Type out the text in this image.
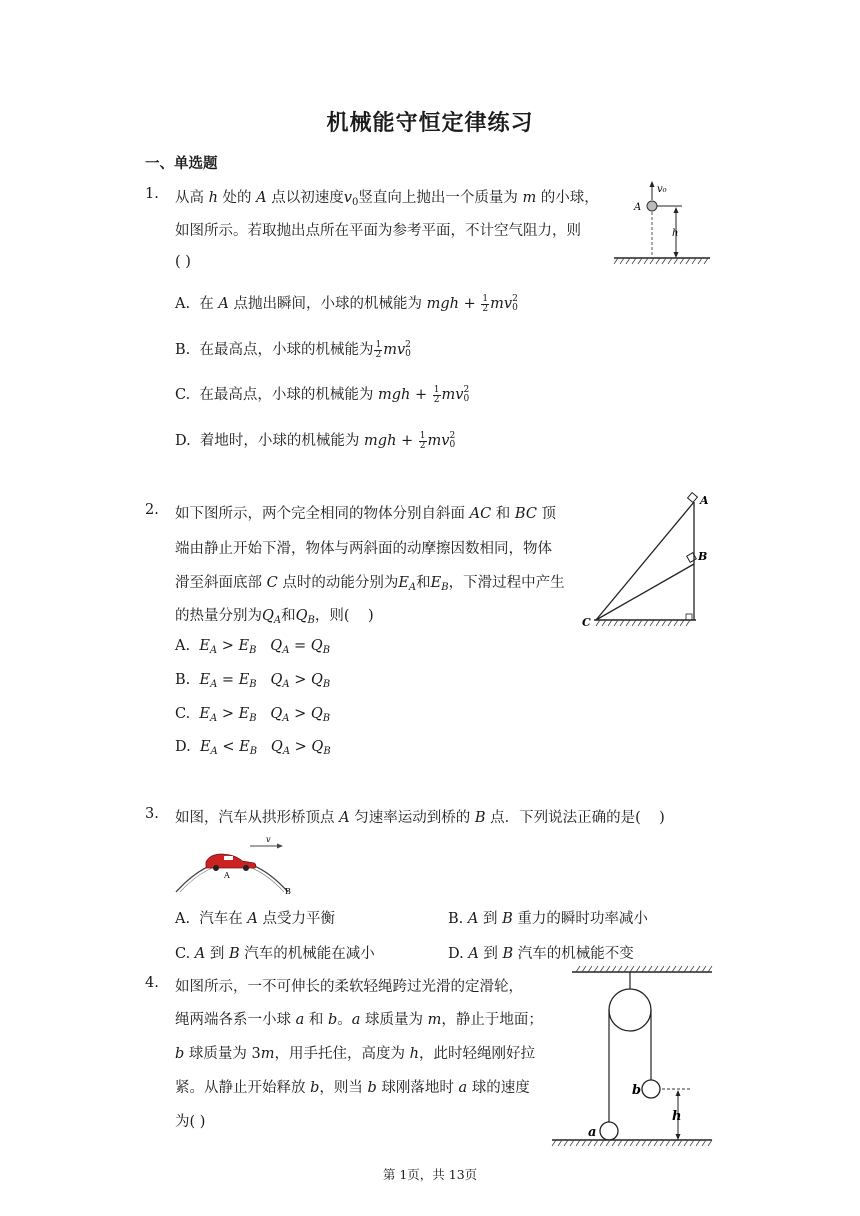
机械能守恒定律练习
一、单选题
1. 从高 h 处的 A 点以初速度$v_0$竖直向上抛出一个质量为 m 的小球，
如图所示。若取抛出点所在平面为参考平面，不计空气阻力，则
( )
A.  在 A 点抛出瞬间，小球的机械能为 mgh + $\frac{1}{2}$ mv 2
0
B.  在最高点，小球的机械能为 $\frac{1}{2}$ mv 2
0
C.  在最高点，小球的机械能为 mgh + $\frac{1}{2}$ mv 2
0
D.  着地时，小球的机械能为 mgh + $\frac{1}{2}$ mv 2
0
v₀
A
h
2. 如下图所示，两个完全相同的物体分别自斜面 AC 和 BC 顶
端由静止开始下滑，物体与两斜面的动摩擦因数相同，物体
滑至斜面底部 C 点时的动能分别为$E_A$和$E_B$，下滑过程中产生
的热量分别为$Q_A$和$Q_B$，则(    )
A.  $E_A > E_B$ $Q_A = Q_B$
B.  $E_A = E_B$ $Q_A > Q_B$
C.  $E_A > E_B$ $Q_A > Q_B$
D.  $E_A < E_B$ $Q_A > Q_B$
A
B
C
3. 如图，汽车从拱形桥顶点 A 匀速率运动到桥的 B 点．下列说法正确的是(    )
v
A
B
A.  汽车在 A 点受力平衡	B. A 到 B 重力的瞬时功率减小
C. A 到 B 汽车的机械能在减小	D. A 到 B 汽车的机械能不变
4. 如图所示，一不可伸长的柔软轻绳跨过光滑的定滑轮，
绳两端各系一小球 a 和 b。a 球质量为 m，静止于地面；
b 球质量为 3m，用手托住，高度为 h，此时轻绳刚好拉
紧。从静止开始释放 b，则当 b 球刚落地时 a 球的速度
为( )
a
b
h
第 1页，共 13页
